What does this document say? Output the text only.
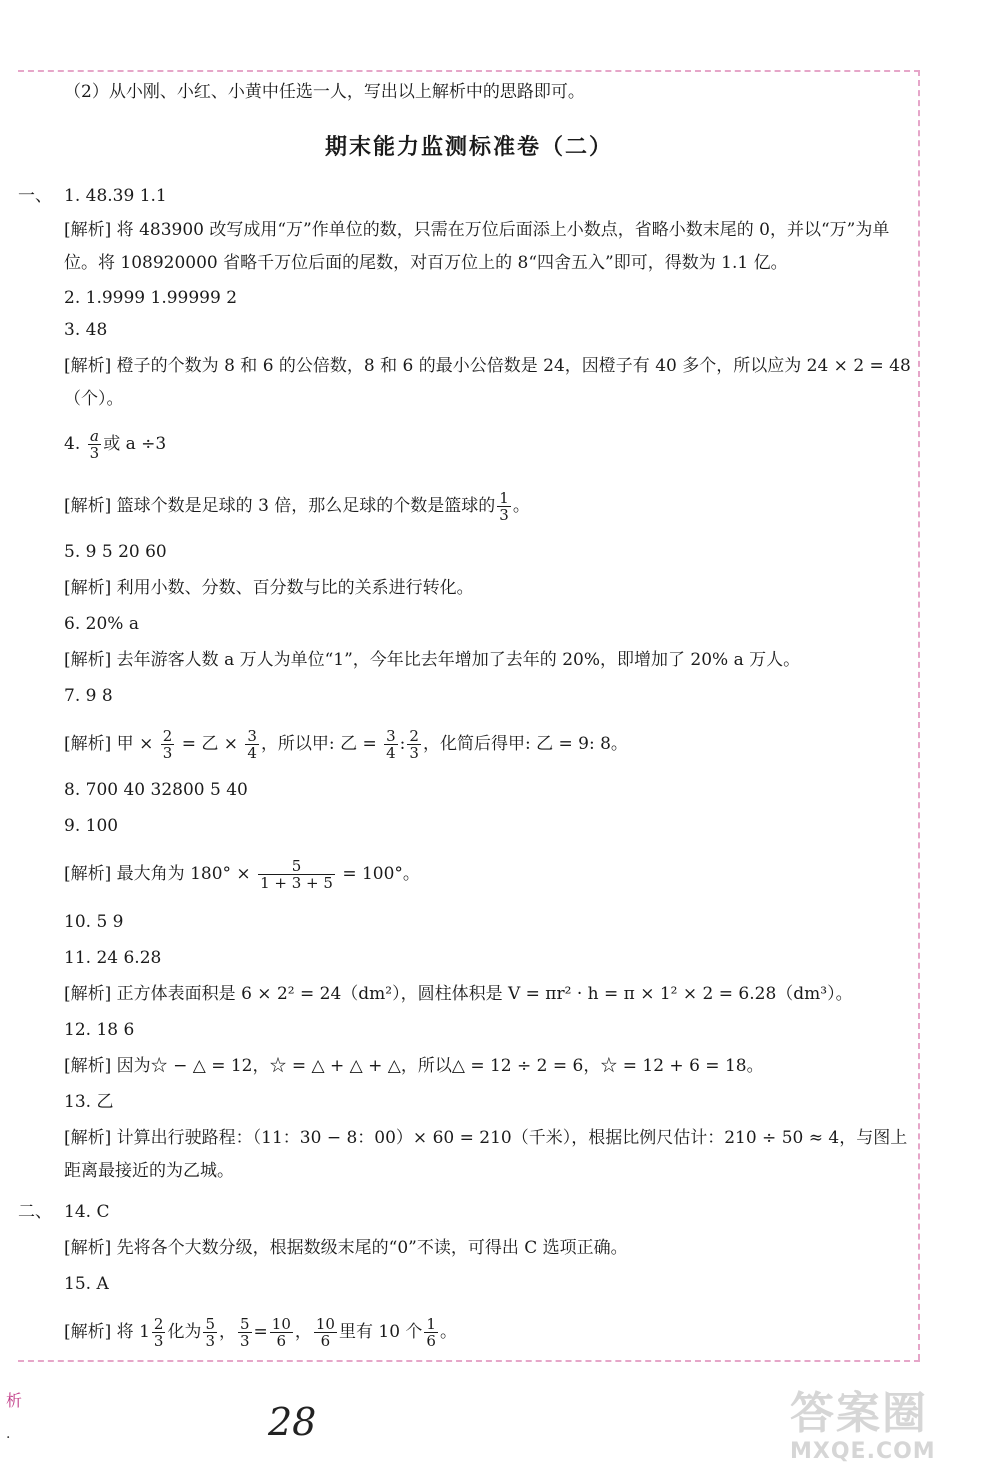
（2）从小刚、小红、小黄中任选一人，写出以上解析中的思路即可。
期末能力监测标准卷（二）
一、 1. 48.39 1.1
[解析] 将 483900 改写成用“万”作单位的数，只需在万位后面添上小数点，省略小数末尾的 0，并以“万”为单位。将 108920000 省略千万位后面的尾数，对百万位上的 8“四舍五入”即可，得数为 1.1 亿。
2. 1.9999 1.99999 2
3. 48
[解析] 橙子的个数为 8 和 6 的公倍数，8 和 6 的最小公倍数是 24，因橙子有 40 多个，所以应为 24 × 2 = 48（个）。
4. $\frac{a}{3}$ 或 a ÷3
[解析] 篮球个数是足球的 3 倍，那么足球的个数是篮球的 $\frac{1}{3}$ 。
5. 9 5 20 60
[解析] 利用小数、分数、百分数与比的关系进行转化。
6. 20% a
[解析] 去年游客人数 a 万人为单位“1”，今年比去年增加了去年的 20%，即增加了 20% a 万人。
7. 9 8
[解析] 甲 × $\frac{2}{3}$ = 乙 × $\frac{3}{4}$ ，所以甲: 乙 = $\frac{3}{4}$ : $\frac{2}{3}$ ，化简后得甲: 乙 = 9: 8。
8. 700 40 32800 5 40
9. 100
[解析] 最大角为 $180^\circ \times \frac{5}{1 + 3 + 5} = 100^\circ$。
10. 5 9
11. 24 6.28
[解析] 正方体表面积是 6 × 2² = 24（dm²），圆柱体积是 V = πr² · h = π × 1² × 2 = 6.28（dm³）。
12. 18 6
[解析] 因为☆ − △ = 12，☆ = △ + △ + △，所以△ = 12 ÷ 2 = 6，☆ = 12 + 6 = 18。
13. 乙
[解析] 计算出行驶路程：（11：30 − 8：00）× 60 = 210（千米），根据比例尺估计：210 ÷ 50 ≈ 4，与图上距离最接近的为乙城。
二、 14. C
[解析] 先将各个大数分级，根据数级末尾的“0”不读，可得出 C 选项正确。
15. A
[解析] 将 $1 \frac{2}{3}$ 化为 $\frac{5}{3}$ ， $\frac{5}{3} = \frac{10}{6}$ ， $\frac{10}{6}$ 里有 10 个 $\frac{1}{6}$ 。
析
·	28	答案圈
MXQE.COM
